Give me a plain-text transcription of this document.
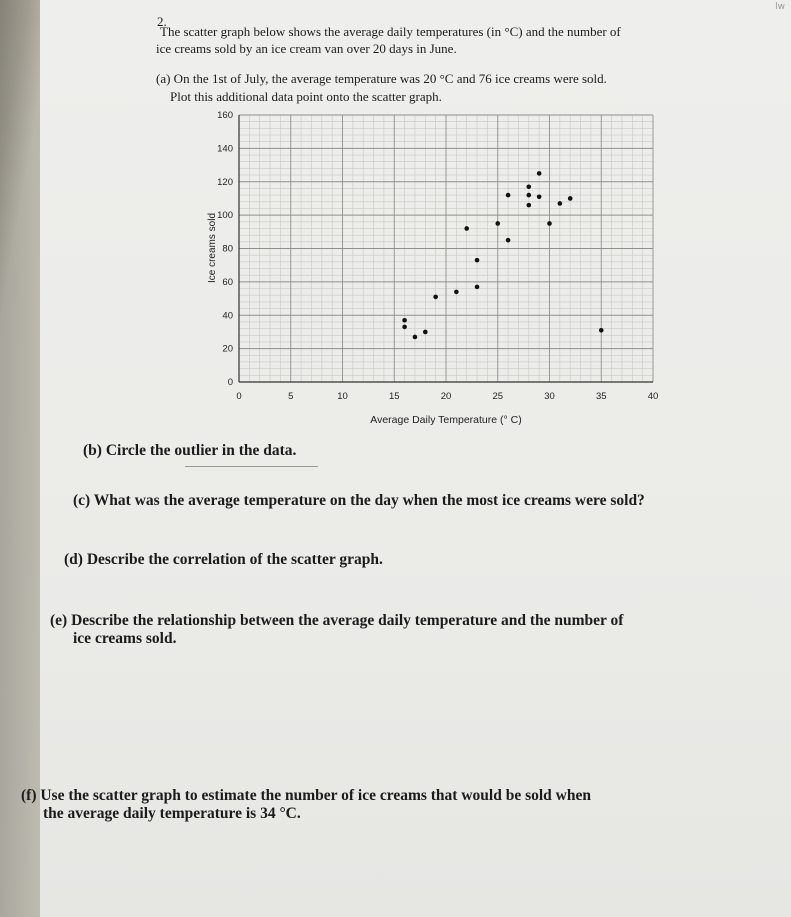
lw
2.
The scatter graph below shows the average daily temperatures (in °C) and the number of
ice creams sold by an ice cream van over 20 days in June.
(a) On the 1st of July, the average temperature was 20 °C and 76 ice creams were sold.
Plot this additional data point onto the scatter graph.
0	5	10	15	20	25	30	35	40
0
20
40
60
80
100
120
140
160
Average Daily Temperature (° C)
Ice creams sold
(b) Circle the outlier in the data.
(c) What was the average temperature on the day when the most ice creams were sold?
(d) Describe the correlation of the scatter graph.
(e) Describe the relationship between the average daily temperature and the number of
ice creams sold.
(f) Use the scatter graph to estimate the number of ice creams that would be sold when
the average daily temperature is 34 °C.
